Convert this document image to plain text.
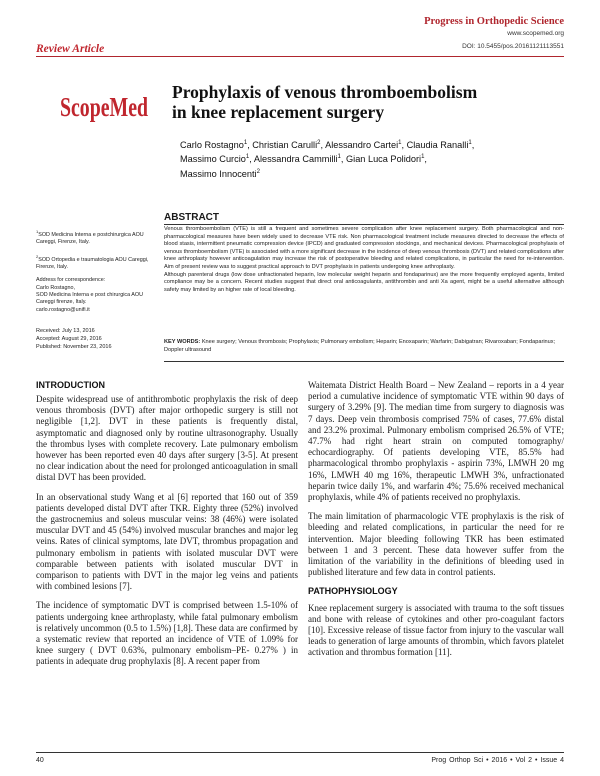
Progress in Orthopedic Science
www.scopemed.org
DOI: 10.5455/pos.20161121113551
Review Article
ScopeMed Prophylaxis of venous thromboembolism
in knee replacement surgery
Carlo Rostagno$^1$, Christian Carulli$^2$, Alessandro Cartei$^1$, Claudia Ranalli$^1$,
Massimo Curcio$^1$, Alessandra Cammilli$^1$, Gian Luca Polidori$^1$,
Massimo Innocenti$^2$

$^1$SOD Medicina Interna e postchirurgica AOU Careggi, Firenze, Italy.

$^2$SOD Ortopedia e traumatologia AOU Careggi, Firenze, Italy.

Address for correspondence:
Carlo Rostagno,
SOD Medicina Interna e post chirurgica AOU Careggi firenze, Italy.
carlo.rostagno@unifi.it

Received: July 13, 2016
Accepted: August 29, 2016
Published: November 23, 2016
ABSTRACT
Venous thromboembolism (VTE) is still a frequent and sometimes severe complication after knee replacement surgery. Both pharmacological and non-pharmacological measures have been widely used to decrease VTE risk. Non pharmacological treatment include measures directed to decrease the effects of blood stasis, intermittent pneumatic compression device (IPCD) and graduated compression stockings, and mechanical devices. Pharmacological prophylaxis of venous thromboembolism (VTE) is associated with a more significant decrease in the incidence of deep venous thrombosis (DVT) and related complications after knee arthroplasty however anticoagulation may increase the risk of postoperative bleeding and related complications, in particular the need for re-intervention. Aim of present review was to suggest practical approach to DVT prophylaxis in patients undergoing knee arthroplasty.
Although parenteral drugs (low dose unfractionated heparin, low molecular weight heparin and fondaparinux) are the more frequently employed agents, limited compliance may be a concern. Recent studies suggest that direct oral anticoagulants, antithrombin and anti Xa agent, might be a useful alternative although safety may limited by an higher rate of local bleeding.
KEY WORDS: Knee surgery; Venous thrombosis; Prophylaxis; Pulmonary embolism; Heparin; Enoxaparin; Warfarin; Dabigatran; Rivaroxaban; Fondaparinux; Doppler ultrasound
INTRODUCTION

Despite widespread use of antithrombotic prophylaxis the risk of deep venous thrombosis (DVT) after major orthopedic surgery is still not negligible [1,2]. DVT in these patients is frequently distal, asymptomatic and diagnosed only by routine ultrasonography. Usually the thrombus lyses with complete recovery. Late pulmonary embolism however has been reported even 40 days after surgery [3-5]. At present no clear indication about the need for prolonged anticoagulation in small distal DVT has been provided.

In an observational study Wang et al [6] reported that 160 out of 359 patients developed distal DVT after TKR. Eighty three (52%) involved the gastrocnemius and soleus muscular veins: 38 (46%) were isolated muscular DVT and 45 (54%) involved muscular branches and major leg veins. Rates of clinical symptoms, late DVT, thrombus propagation and pulmonary embolism in patients with isolated muscular DVT were comparable between patients with isolated muscular DVT in comparison to patients with DVT in the major leg veins and patients with combined lesions [7].

The incidence of symptomatic DVT is comprised between 1.5-10% of patients undergoing knee arthroplasty, while fatal pulmonary embolism is relatively uncommon (0.5 to 1.5%) [1,8]. These data are confirmed by a systematic review that reported an incidence of VTE of 1.09% for knee surgery ( DVT 0.63%, pulmonary embolism–PE- 0.27% ) in patients in adequate drug prophylaxis [8]. A recent paper from

Waitemata District Health Board – New Zealand – reports in a 4 year period a cumulative incidence of symptomatic VTE within 90 days of surgery of 3.29% [9]. The median time from surgery to diagnosis was 7 days. Deep vein thrombosis comprised 75% of cases, 77.6% distal and 23.2% proximal. Pulmonary embolism comprised 26.5% of VTE; 47.7% had right heart strain on computed tomography/ echocardiography. Of patients developing VTE, 85.5% had pharmacological thrombo prophylaxis - aspirin 73%, LMWH 20 mg 16%, LMWH 40 mg 16%, therapeutic LMWH 3%, unfractionated heparin twice daily 1%, and warfarin 4%; 75.6% received mechanical prophylaxis, while 4% of patients received no prophylaxis.

The main limitation of pharmacologic VTE prophylaxis is the risk of bleeding and related complications, in particular the need for re intervention. Major bleeding following TKR has been estimated between 1 and 3 percent. These data however suffer from the limitation of the variability in the definitions of bleeding used in published literature and few data in control patients.

PATHOPHYSIOLOGY

Knee replacement surgery is associated with trauma to the soft tissues and bone with release of cytokines and other pro-coagulant factors [10]. Excessive release of tissue factor from injury to the vascular wall leads to generation of large amounts of thrombin, which favors platelet activation and thrombus formation [11].

40	Prog Orthop Sci • 2016 • Vol 2 • Issue 4
